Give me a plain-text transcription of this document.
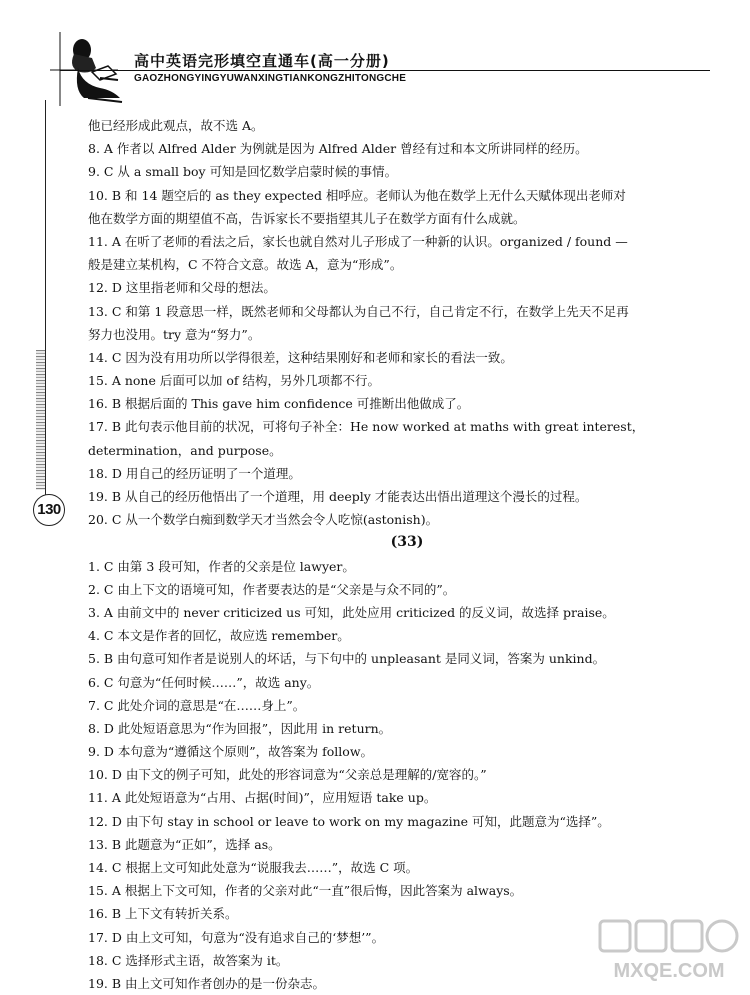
高中英语完形填空直通车(高一分册)
GAOZHONGYINGYUWANXINGTIANKONGZHITONGCHE
130
他已经形成此观点，故不选 A。
8. A 作者以 Alfred Alder 为例就是因为 Alfred Alder 曾经有过和本文所讲同样的经历。
9. C 从 a small boy 可知是回忆数学启蒙时候的事情。
10. B 和 14 题空后的 as they expected 相呼应。老师认为他在数学上无什么天赋体现出老师对
他在数学方面的期望值不高，告诉家长不要指望其儿子在数学方面有什么成就。
11. A 在听了老师的看法之后，家长也就自然对儿子形成了一种新的认识。organized / found —
般是建立某机构，C 不符合文意。故选 A，意为“形成”。
12. D 这里指老师和父母的想法。
13. C 和第 1 段意思一样，既然老师和父母都认为自己不行，自己肯定不行，在数学上先天不足再
努力也没用。try 意为“努力”。
14. C 因为没有用功所以学得很差，这种结果刚好和老师和家长的看法一致。
15. A none 后面可以加 of 结构，另外几项都不行。
16. B 根据后面的 This gave him confidence 可推断出他做成了。
17. B 此句表示他目前的状况，可将句子补全：He now worked at maths with great interest，
determination，and purpose。
18. D 用自己的经历证明了一个道理。
19. B 从自己的经历他悟出了一个道理，用 deeply 才能表达出悟出道理这个漫长的过程。
20. C 从一个数学白痴到数学天才当然会令人吃惊(astonish)。
(33)
1. C 由第 3 段可知，作者的父亲是位 lawyer。
2. C 由上下文的语境可知，作者要表达的是“父亲是与众不同的”。
3. A 由前文中的 never criticized us 可知，此处应用 criticized 的反义词，故选择 praise。
4. C 本文是作者的回忆，故应选 remember。
5. B 由句意可知作者是说别人的坏话，与下句中的 unpleasant 是同义词，答案为 unkind。
6. C 句意为“任何时候……”，故选 any。
7. C 此处介词的意思是“在……身上”。
8. D 此处短语意思为“作为回报”，因此用 in return。
9. D 本句意为“遵循这个原则”，故答案为 follow。
10. D 由下文的例子可知，此处的形容词意为“父亲总是理解的/宽容的。”
11. A 此处短语意为“占用、占据(时间)”，应用短语 take up。
12. D 由下句 stay in school or leave to work on my magazine 可知，此题意为“选择”。
13. B 此题意为“正如”，选择 as。
14. C 根据上文可知此处意为“说服我去……”，故选 C 项。
15. A 根据上下文可知，作者的父亲对此“一直”很后悔，因此答案为 always。
16. B 上下文有转折关系。
17. D 由上文可知，句意为“没有追求自己的‘梦想’”。
18. C 选择形式主语，故答案为 it。
19. B 由上文可知作者创办的是一份杂志。
MXQE.COM
